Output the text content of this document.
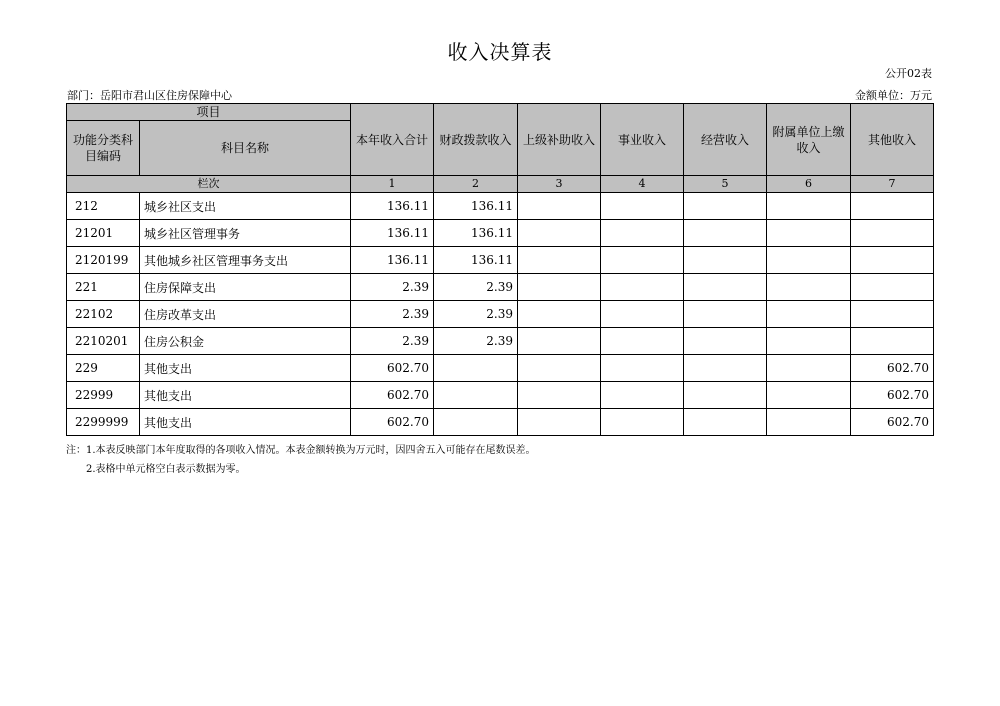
收入决算表
公开02表
部门：岳阳市君山区住房保障中心	金额单位：万元
项目		本年收入合计	财政拨款收入	上级补助收入	事业收入	经营收入	附属单位上缴收入	其他收入
功能分类科目编码	科目名称							
栏次		1	2	3	4	5	6	7
212	城乡社区支出	136.11	136.11					
21201	城乡社区管理事务	136.11	136.11					
2120199	其他城乡社区管理事务支出	136.11	136.11					
221	住房保障支出	2.39	2.39					
22102	住房改革支出	2.39	2.39					
2210201	住房公积金	2.39	2.39					
229	其他支出	602.70						602.70
22999	其他支出	602.70						602.70
2299999	其他支出	602.70						602.70
注：1.本表反映部门本年度取得的各项收入情况。本表金额转换为万元时，因四舍五入可能存在尾数误差。
2.表格中单元格空白表示数据为零。
